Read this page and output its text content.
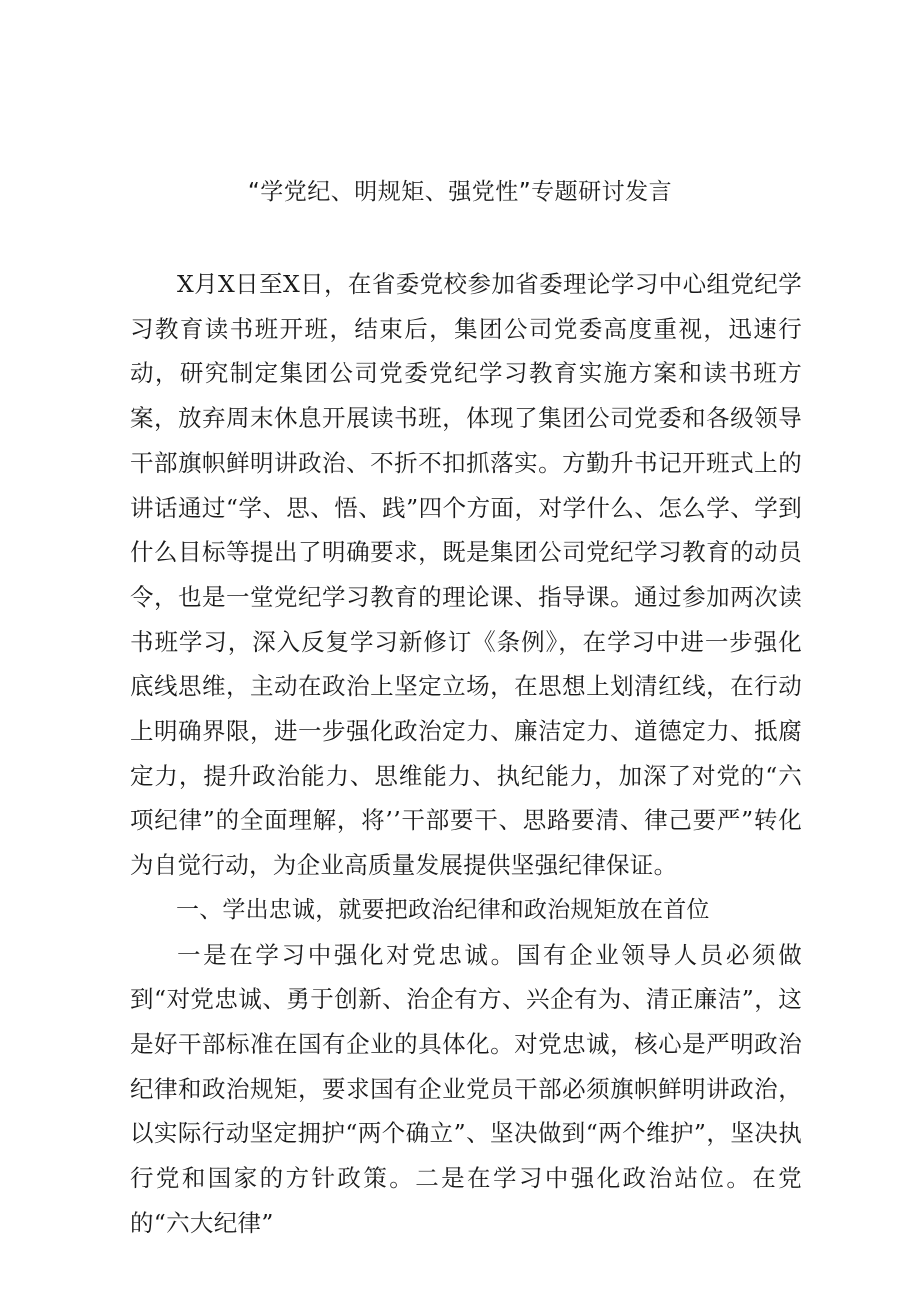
“学党纪、明规矩、强党性”专题研讨发言

X月X日至X日，在省委党校参加省委理论学习中心组党纪学习教育读书班开班，结束后，集团公司党委高度重视，迅速行动，研究制定集团公司党委党纪学习教育实施方案和读书班方案，放弃周末休息开展读书班，体现了集团公司党委和各级领导干部旗帜鲜明讲政治、不折不扣抓落实。方勤升书记开班式上的讲话通过“学、思、悟、践”四个方面，对学什么、怎么学、学到什么目标等提出了明确要求，既是集团公司党纪学习教育的动员令，也是一堂党纪学习教育的理论课、指导课。通过参加两次读书班学习，深入反复学习新修订《条例》，在学习中进一步强化底线思维，主动在政治上坚定立场，在思想上划清红线，在行动上明确界限，进一步强化政治定力、廉洁定力、道德定力、抵腐定力，提升政治能力、思维能力、执纪能力，加深了对党的“六项纪律”的全面理解，将’’干部要干、思路要清、律己要严”转化为自觉行动，为企业高质量发展提供坚强纪律保证。

一、学出忠诚，就要把政治纪律和政治规矩放在首位

一是在学习中强化对党忠诚。国有企业领导人员必须做到“对党忠诚、勇于创新、治企有方、兴企有为、清正廉洁”，这是好干部标准在国有企业的具体化。对党忠诚，核心是严明政治纪律和政治规矩，要求国有企业党员干部必须旗帜鲜明讲政治，以实际行动坚定拥护“两个确立”、坚决做到“两个维护”，坚决执行党和国家的方针政策。二是在学习中强化政治站位。在党的“六大纪律”
